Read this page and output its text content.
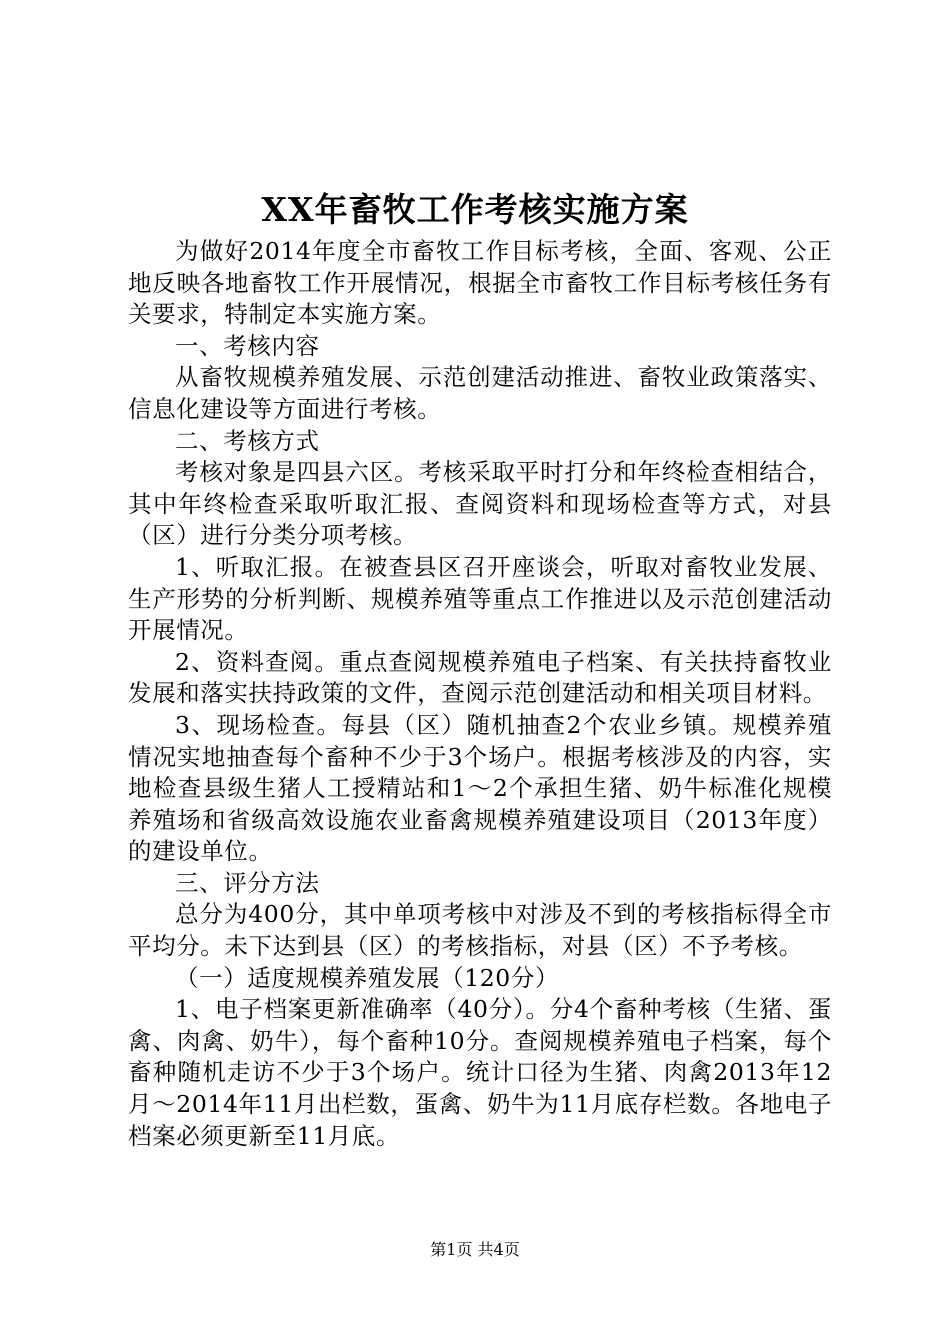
XX年畜牧工作考核实施方案

为做好2014年度全市畜牧工作目标考核，全面、客观、公正地反映各地畜牧工作开展情况，根据全市畜牧工作目标考核任务有关要求，特制定本实施方案。

一、考核内容

从畜牧规模养殖发展、示范创建活动推进、畜牧业政策落实、信息化建设等方面进行考核。

二、考核方式

考核对象是四县六区。考核采取平时打分和年终检查相结合，其中年终检查采取听取汇报、查阅资料和现场检查等方式，对县（区）进行分类分项考核。

1、听取汇报。在被查县区召开座谈会，听取对畜牧业发展、生产形势的分析判断、规模养殖等重点工作推进以及示范创建活动开展情况。

2、资料查阅。重点查阅规模养殖电子档案、有关扶持畜牧业发展和落实扶持政策的文件，查阅示范创建活动和相关项目材料。

3、现场检查。每县（区）随机抽查2个农业乡镇。规模养殖情况实地抽查每个畜种不少于3个场户。根据考核涉及的内容，实地检查县级生猪人工授精站和1～2个承担生猪、奶牛标准化规模养殖场和省级高效设施农业畜禽规模养殖建设项目（2013年度）的建设单位。

三、评分方法

总分为400分，其中单项考核中对涉及不到的考核指标得全市平均分。未下达到县（区）的考核指标，对县（区）不予考核。

（一）适度规模养殖发展（120分）

1、电子档案更新准确率（40分）。分4个畜种考核（生猪、蛋禽、肉禽、奶牛），每个畜种10分。查阅规模养殖电子档案，每个畜种随机走访不少于3个场户。统计口径为生猪、肉禽2013年12月～2014年11月出栏数，蛋禽、奶牛为11月底存栏数。各地电子档案必须更新至11月底。

第1页 共4页
